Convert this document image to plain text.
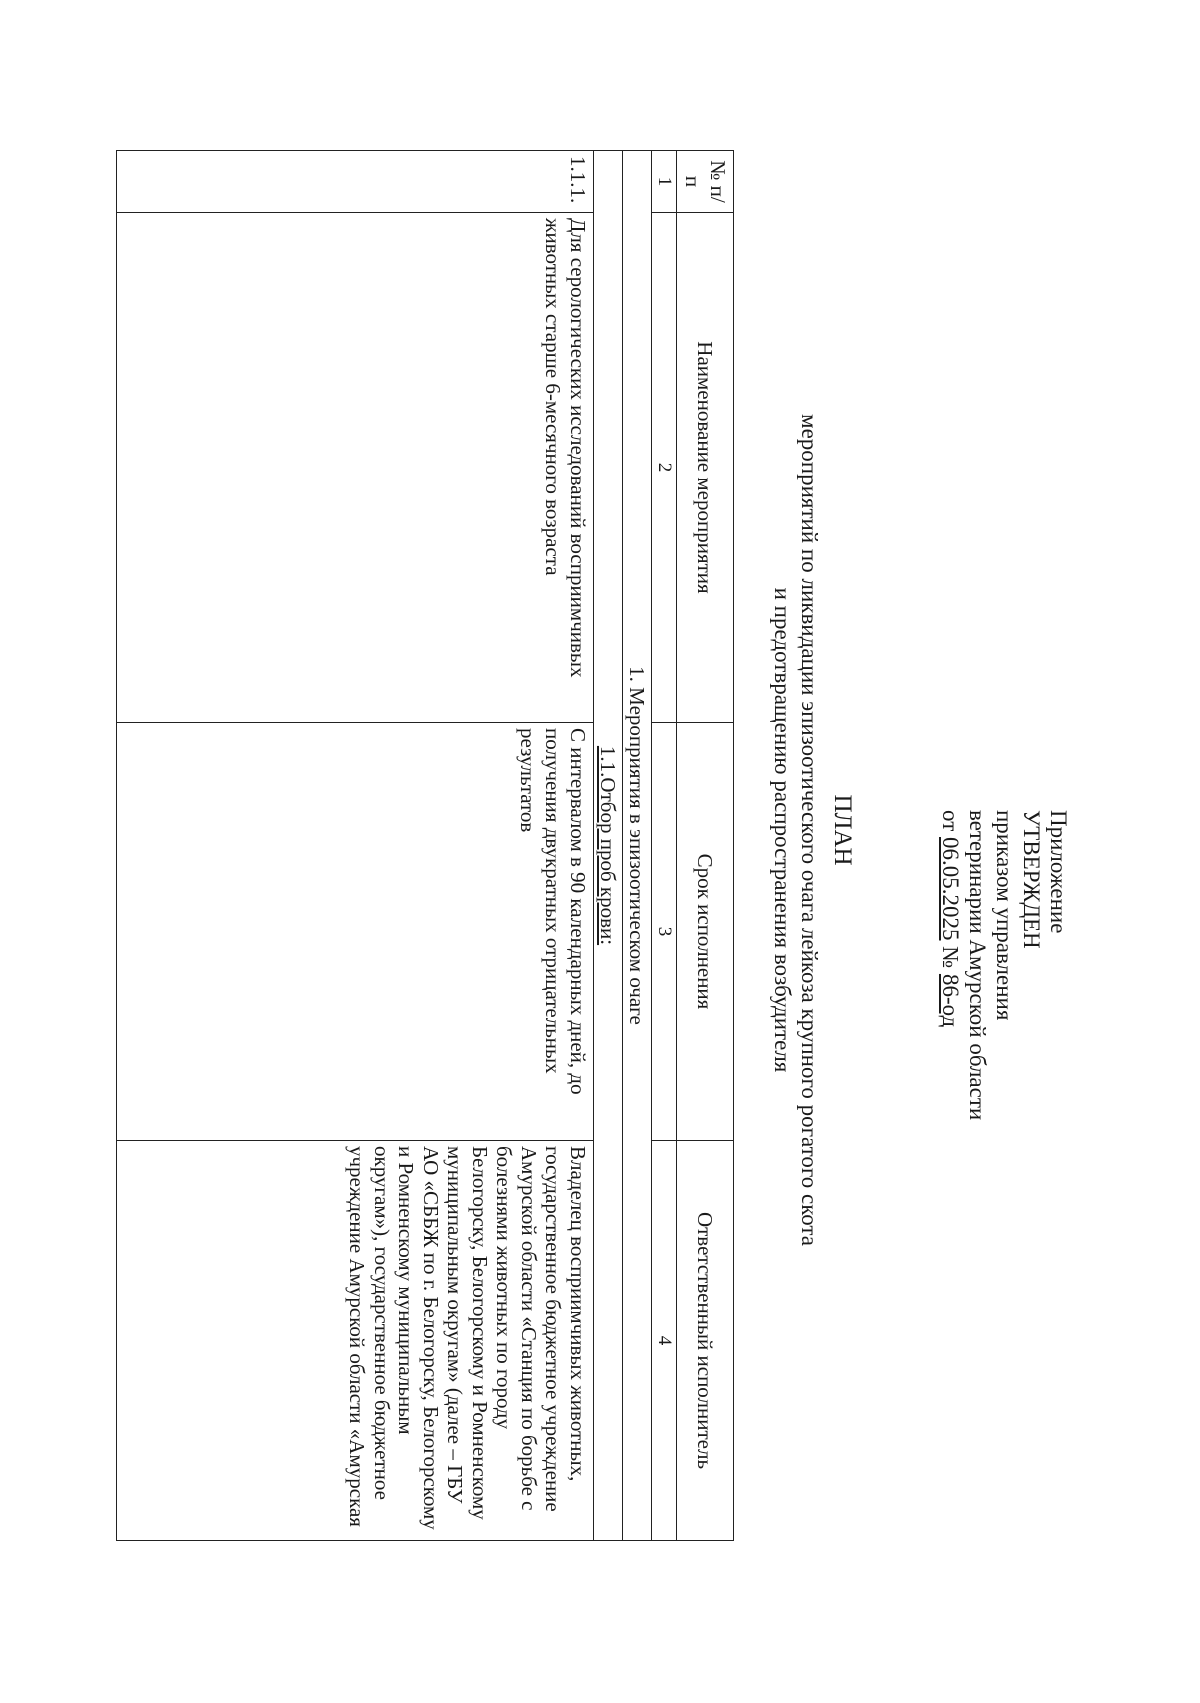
Приложение
УТВЕРЖДЕН
приказом управления
ветеринарии Амурской области
от 06.05.2025 № 86-од
ПЛАН
мероприятий по ликвидации эпизоотического очага лейкоза крупного рогатого скота
и предотвращению распространения возбудителя
№ п/п	Наименование мероприятия	Срок исполнения	Ответственный исполнитель
1	2	3	4
1. Мероприятия в эпизоотическом очаге			
1.1.Отбор проб крови:			
1.1.1.	Для серологических исследований восприимчивых животных старше 6-месячного возраста	С интервалом в 90 календарных дней, до получения двукратных отрицательных результатов	Владелец восприимчивых животных, государственное бюджетное учреждение Амурской области «Станция по борьбе с болезнями животных по городу Белогорску, Белогорскому и Ромненскому муниципальным округам» (далее – ГБУ АО «СББЖ по г. Белогорску, Белогорскому и Ромненскому муниципальным округам»), государственное бюджетное учреждение Амурской области «Амурская
